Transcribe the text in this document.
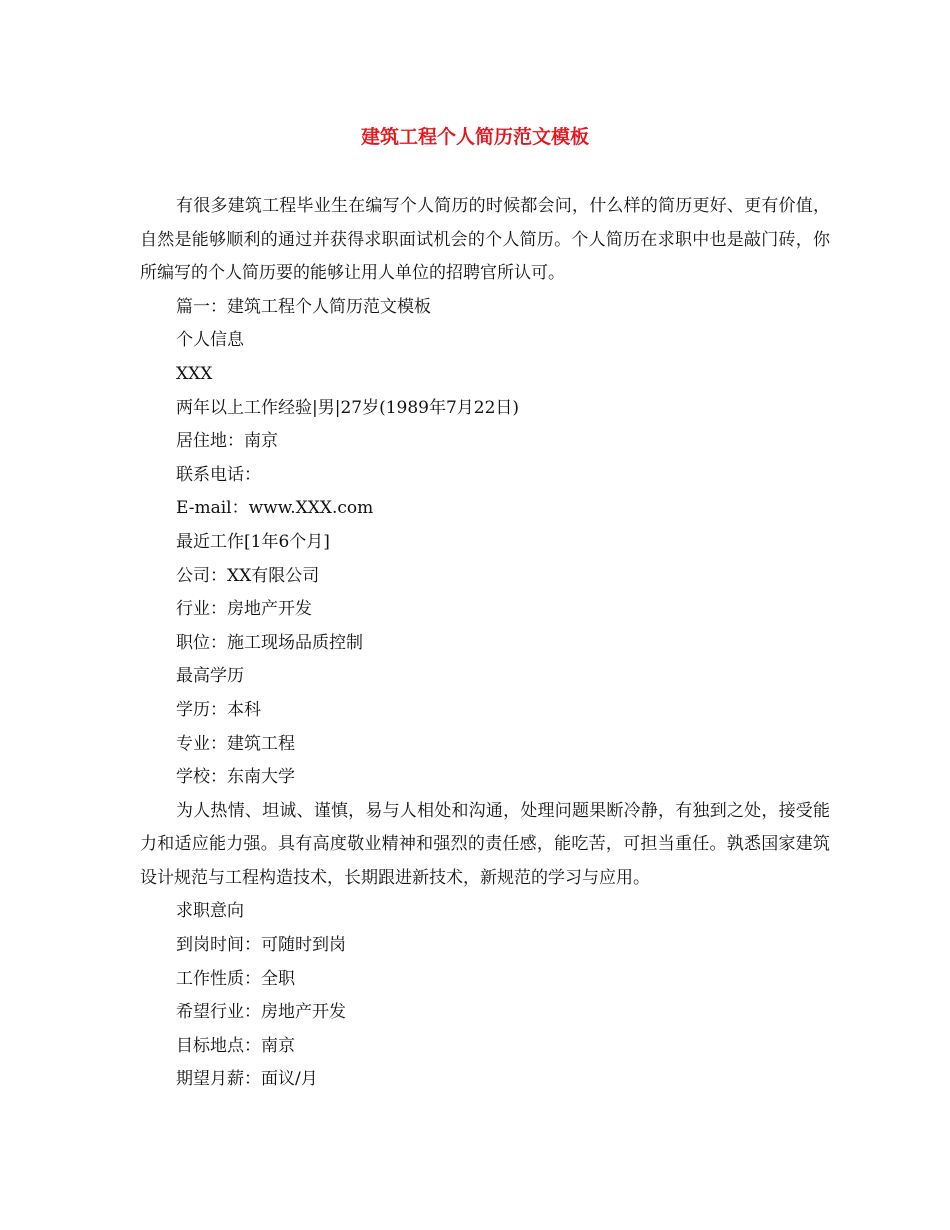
建筑工程个人简历范文模板

有很多建筑工程毕业生在编写个人简历的时候都会问，什么样的简历更好、更有价值，自然是能够顺利的通过并获得求职面试机会的个人简历。个人简历在求职中也是敲门砖，你所编写的个人简历要的能够让用人单位的招聘官所认可。

篇一：建筑工程个人简历范文模板

个人信息

XXX

两年以上工作经验|男|27岁(1989年7月22日)

居住地：南京

联系电话：

E-mail：www.XXX.com

最近工作[1年6个月]

公司：XX有限公司

行业：房地产开发

职位：施工现场品质控制

最高学历

学历：本科

专业：建筑工程

学校：东南大学

为人热情、坦诚、谨慎，易与人相处和沟通，处理问题果断冷静，有独到之处，接受能力和适应能力强。具有高度敬业精神和强烈的责任感，能吃苦，可担当重任。孰悉国家建筑设计规范与工程构造技术，长期跟进新技术，新规范的学习与应用。

求职意向

到岗时间：可随时到岗

工作性质：全职

希望行业：房地产开发

目标地点：南京

期望月薪：面议/月
